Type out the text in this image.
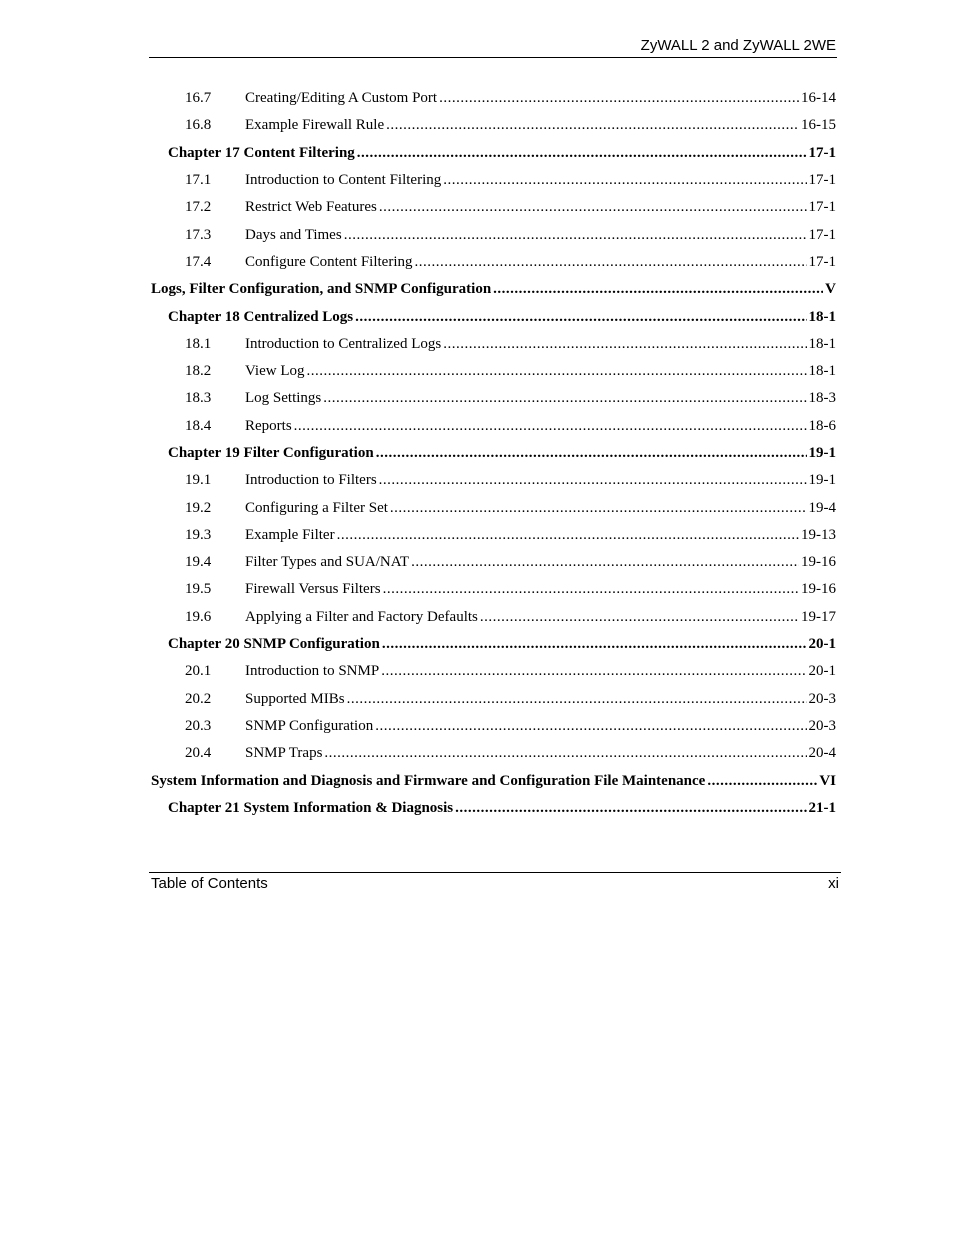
ZyWALL 2 and ZyWALL 2WE
16.7	Creating/Editing A Custom Port .....	16-14
16.8	Example Firewall Rule .....	16-15
Chapter 17 Content Filtering .....	17-1
17.1	Introduction to Content Filtering .....	17-1
17.2	Restrict Web Features .....	17-1
17.3	Days and Times .....	17-1
17.4	Configure Content Filtering .....	17-1
Logs, Filter Configuration, and SNMP Configuration .....	V
Chapter 18 Centralized Logs .....	18-1
18.1	Introduction to Centralized Logs .....	18-1
18.2	View Log .....	18-1
18.3	Log Settings .....	18-3
18.4	Reports .....	18-6
Chapter 19 Filter Configuration .....	19-1
19.1	Introduction to Filters .....	19-1
19.2	Configuring a Filter Set .....	19-4
19.3	Example Filter .....	19-13
19.4	Filter Types and SUA/NAT .....	19-16
19.5	Firewall Versus Filters .....	19-16
19.6	Applying a Filter and Factory Defaults .....	19-17
Chapter 20 SNMP Configuration .....	20-1
20.1	Introduction to SNMP .....	20-1
20.2	Supported MIBs .....	20-3
20.3	SNMP Configuration .....	20-3
20.4	SNMP Traps .....	20-4
System Information and Diagnosis and Firmware and Configuration File Maintenance .....	VI
Chapter 21 System Information & Diagnosis .....	21-1
Table of Contents	xi
